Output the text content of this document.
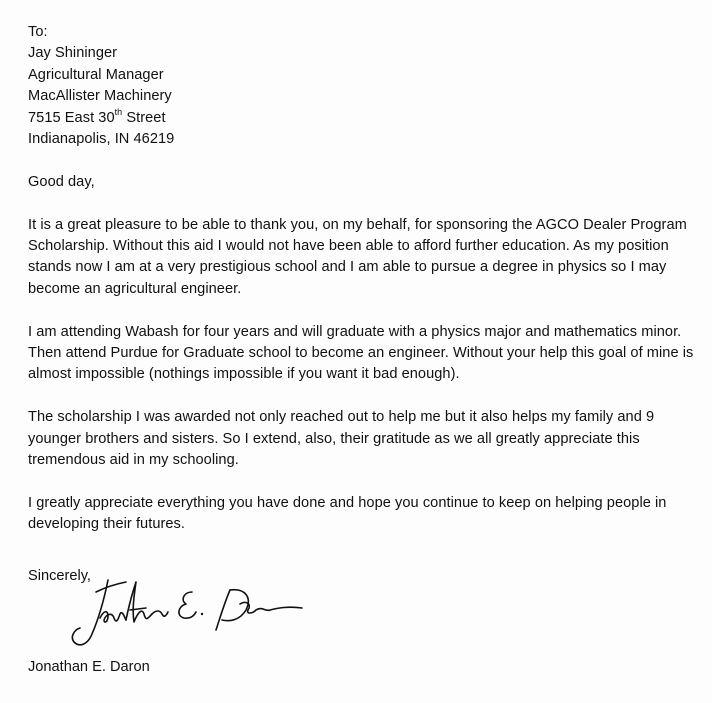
To:
Jay Shininger
Agricultural Manager
MacAllister Machinery
7515 East 30th Street
Indianapolis, IN 46219
Good day,
It is a great pleasure to be able to thank you, on my behalf, for sponsoring the AGCO Dealer Program
Scholarship. Without this aid I would not have been able to afford further education. As my position
stands now I am at a very prestigious school and I am able to pursue a degree in physics so I may
become an agricultural engineer.
I am attending Wabash for four years and will graduate with a physics major and mathematics minor.
Then attend Purdue for Graduate school to become an engineer. Without your help this goal of mine is
almost impossible (nothings impossible if you want it bad enough).
The scholarship I was awarded not only reached out to help me but it also helps my family and 9
younger brothers and sisters. So I extend, also, their gratitude as we all greatly appreciate this
tremendous aid in my schooling.
I greatly appreciate everything you have done and hope you continue to keep on helping people in
developing their futures.
Sincerely,
Jonathan E. Daron
